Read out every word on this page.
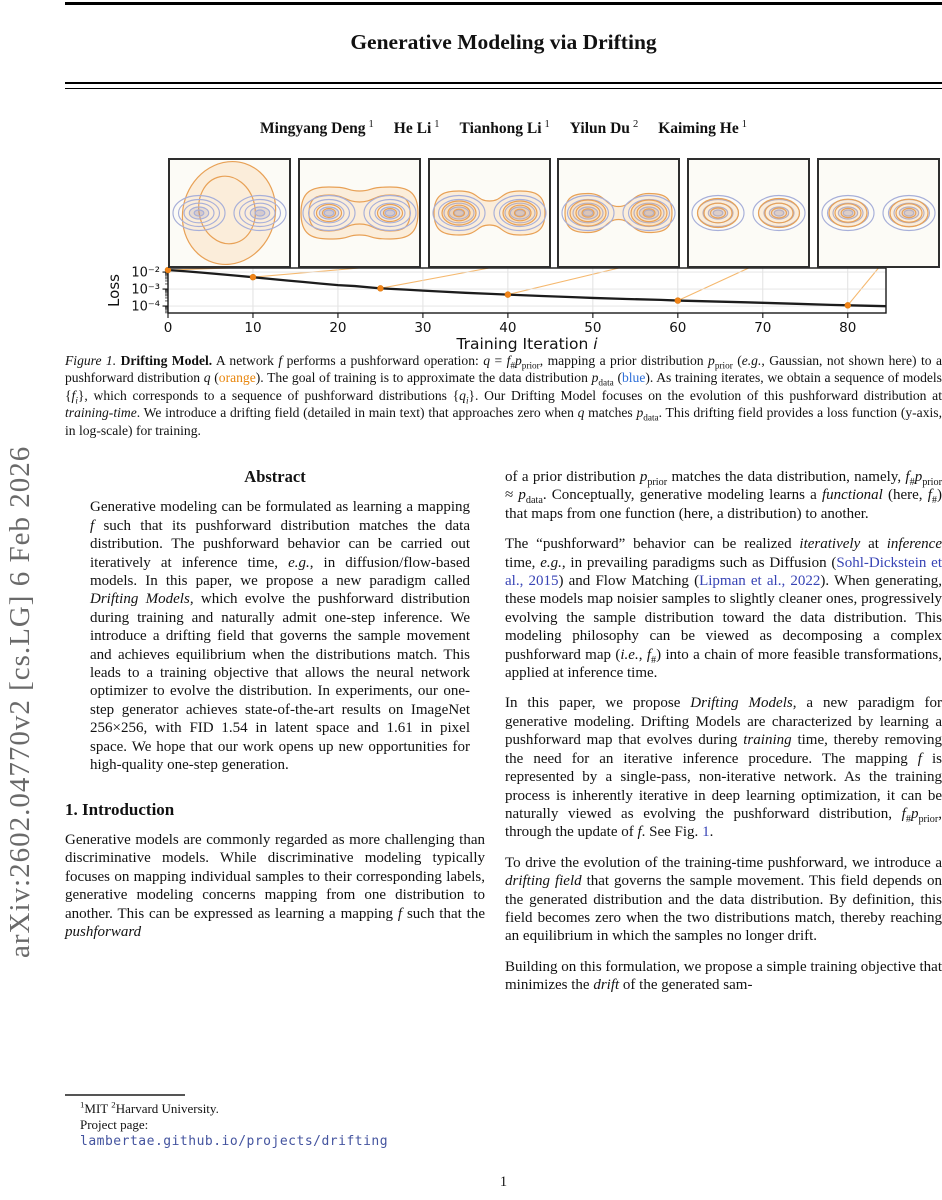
arXiv:2602.04770v2 [cs.LG] 6 Feb 2026
Generative Modeling via Drifting
Mingyang Deng $^1$ He Li $^1$ Tianhong Li $^1$ Yilun Du $^2$ Kaiming He $^1$
10⁻²
10⁻³
10⁻⁴
0	10	20	30	40	50	60	70	80
Loss
Training Iteration i
Figure 1. Drifting Model. A network f performs a pushforward operation: $q = f_{\#}p_{prior}$, mapping a prior distribution $p_{prior}$ (e.g., Gaussian, not shown here) to a pushforward distribution q (orange). The goal of training is to approximate the data distribution $p_{data}$ (blue). As training iterates, we obtain a sequence of models $\{f_i\}$, which corresponds to a sequence of pushforward distributions $\{q_i\}$. Our Drifting Model focuses on the evolution of this pushforward distribution at training-time. We introduce a drifting field (detailed in main text) that approaches zero when q matches $p_{data}$. This drifting field provides a loss function (y-axis, in log-scale) for training.
Abstract
Generative modeling can be formulated as learning a mapping f such that its pushforward distribution matches the data distribution. The pushforward behavior can be carried out iteratively at inference time, e.g., in diffusion/flow-based models. In this paper, we propose a new paradigm called Drifting Models, which evolve the pushforward distribution during training and naturally admit one-step inference. We introduce a drifting field that governs the sample movement and achieves equilibrium when the distributions match. This leads to a training objective that allows the neural network optimizer to evolve the distribution. In experiments, our one-step generator achieves state-of-the-art results on ImageNet 256×256, with FID 1.54 in latent space and 1.61 in pixel space. We hope that our work opens up new opportunities for high-quality one-step generation.
1. Introduction

Generative models are commonly regarded as more challenging than discriminative models. While discriminative modeling typically focuses on mapping individual samples to their corresponding labels, generative modeling concerns mapping from one distribution to another. This can be expressed as learning a mapping f such that the pushforward

of a prior distribution $p_{prior}$ matches the data distribution, namely, $f_{\#}p_{prior} \approx p_{data}$. Conceptually, generative modeling learns a functional (here, $f_{\#}$) that maps from one function (here, a distribution) to another.

The “pushforward” behavior can be realized iteratively at inference time, e.g., in prevailing paradigms such as Diffusion (Sohl-Dickstein et al., 2015) and Flow Matching (Lipman et al., 2022). When generating, these models map noisier samples to slightly cleaner ones, progressively evolving the sample distribution toward the data distribution. This modeling philosophy can be viewed as decomposing a complex pushforward map (i.e., $f_{\#}$) into a chain of more feasible transformations, applied at inference time.

In this paper, we propose Drifting Models, a new paradigm for generative modeling. Drifting Models are characterized by learning a pushforward map that evolves during training time, thereby removing the need for an iterative inference procedure. The mapping f is represented by a single-pass, non-iterative network. As the training process is inherently iterative in deep learning optimization, it can be naturally viewed as evolving the pushforward distribution, $f_{\#}p_{prior}$, through the update of f. See Fig. 1.

To drive the evolution of the training-time pushforward, we introduce a drifting field that governs the sample movement. This field depends on the generated distribution and the data distribution. By definition, this field becomes zero when the two distributions match, thereby reaching an equilibrium in which the samples no longer drift.

Building on this formulation, we propose a simple training objective that minimizes the drift of the generated sam-

$^1$MIT $^2$Harvard University.
Project page:
lambertae.github.io/projects/drifting
1
